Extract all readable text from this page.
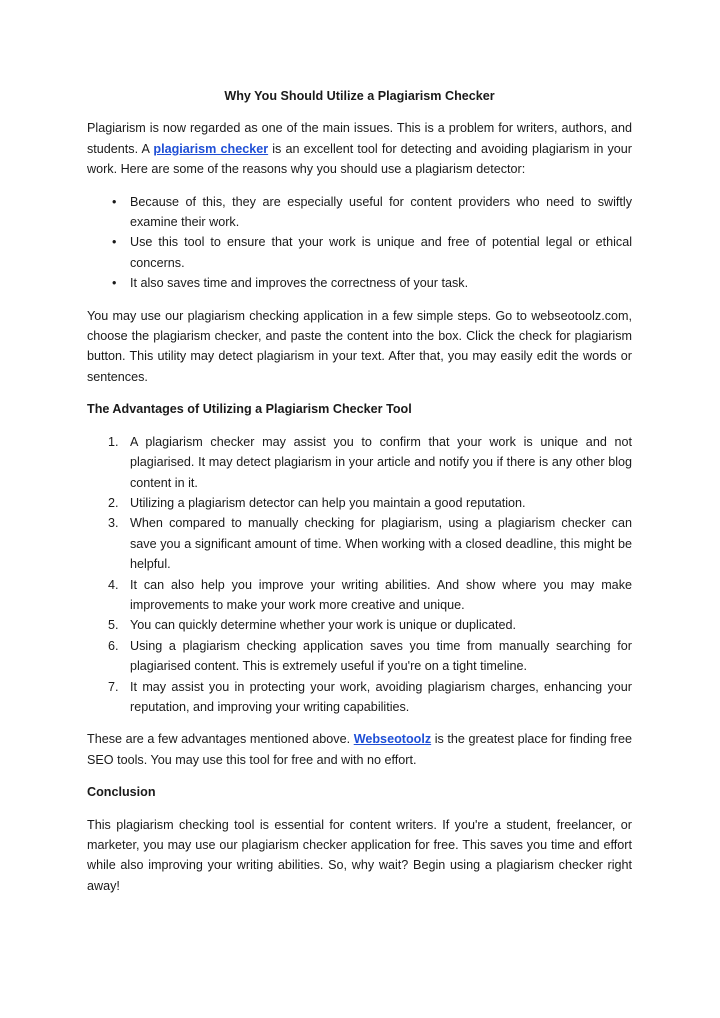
Why You Should Utilize a Plagiarism Checker

Plagiarism is now regarded as one of the main issues. This is a problem for writers, authors, and students. A plagiarism checker is an excellent tool for detecting and avoiding plagiarism in your work. Here are some of the reasons why you should use a plagiarism detector:

• Because of this, they are especially useful for content providers who need to swiftly examine their work.
• Use this tool to ensure that your work is unique and free of potential legal or ethical concerns.
• It also saves time and improves the correctness of your task.

You may use our plagiarism checking application in a few simple steps. Go to webseotoolz.com, choose the plagiarism checker, and paste the content into the box. Click the check for plagiarism button. This utility may detect plagiarism in your text. After that, you may easily edit the words or sentences.

The Advantages of Utilizing a Plagiarism Checker Tool

1. A plagiarism checker may assist you to confirm that your work is unique and not plagiarised. It may detect plagiarism in your article and notify you if there is any other blog content in it.
2. Utilizing a plagiarism detector can help you maintain a good reputation.
3. When compared to manually checking for plagiarism, using a plagiarism checker can save you a significant amount of time. When working with a closed deadline, this might be helpful.
4. It can also help you improve your writing abilities. And show where you may make improvements to make your work more creative and unique.
5. You can quickly determine whether your work is unique or duplicated.
6. Using a plagiarism checking application saves you time from manually searching for plagiarised content. This is extremely useful if you're on a tight timeline.
7. It may assist you in protecting your work, avoiding plagiarism charges, enhancing your reputation, and improving your writing capabilities.

These are a few advantages mentioned above. Webseotoolz is the greatest place for finding free SEO tools. You may use this tool for free and with no effort.

Conclusion

This plagiarism checking tool is essential for content writers. If you're a student, freelancer, or marketer, you may use our plagiarism checker application for free. This saves you time and effort while also improving your writing abilities. So, why wait? Begin using a plagiarism checker right away!
